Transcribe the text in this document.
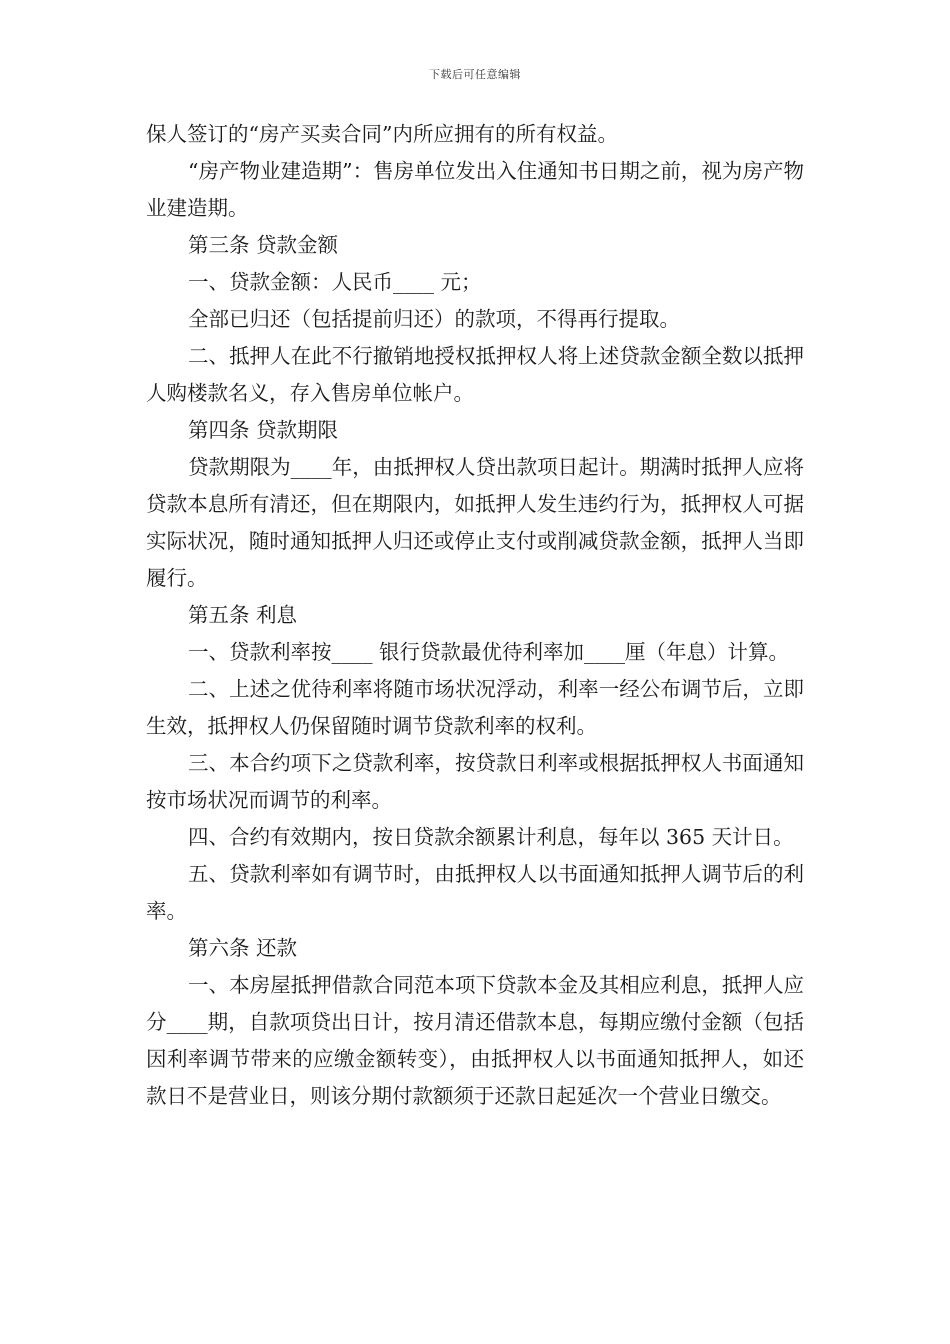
下载后可任意编辑

保人签订的“房产买卖合同”内所应拥有的所有权益。

“房产物业建造期”：售房单位发出入住通知书日期之前，视为房产物业建造期。

第三条 贷款金额

一、贷款金额：人民币____ 元；

全部已归还（包括提前归还）的款项，不得再行提取。

二、抵押人在此不行撤销地授权抵押权人将上述贷款金额全数以抵押人购楼款名义，存入售房单位帐户。

第四条 贷款期限

贷款期限为____年，由抵押权人贷出款项日起计。期满时抵押人应将贷款本息所有清还，但在期限内，如抵押人发生违约行为，抵押权人可据实际状况，随时通知抵押人归还或停止支付或削减贷款金额，抵押人当即履行。

第五条 利息

一、贷款利率按____ 银行贷款最优待利率加____厘（年息）计算。

二、上述之优待利率将随市场状况浮动，利率一经公布调节后，立即生效，抵押权人仍保留随时调节贷款利率的权利。

三、本合约项下之贷款利率，按贷款日利率或根据抵押权人书面通知按市场状况而调节的利率。

四、合约有效期内，按日贷款余额累计利息，每年以 365 天计日。

五、贷款利率如有调节时，由抵押权人以书面通知抵押人调节后的利率。

第六条 还款

一、本房屋抵押借款合同范本项下贷款本金及其相应利息，抵押人应分____期，自款项贷出日计，按月清还借款本息，每期应缴付金额（包括因利率调节带来的应缴金额转变），由抵押权人以书面通知抵押人，如还款日不是营业日，则该分期付款额须于还款日起延次一个营业日缴交。
